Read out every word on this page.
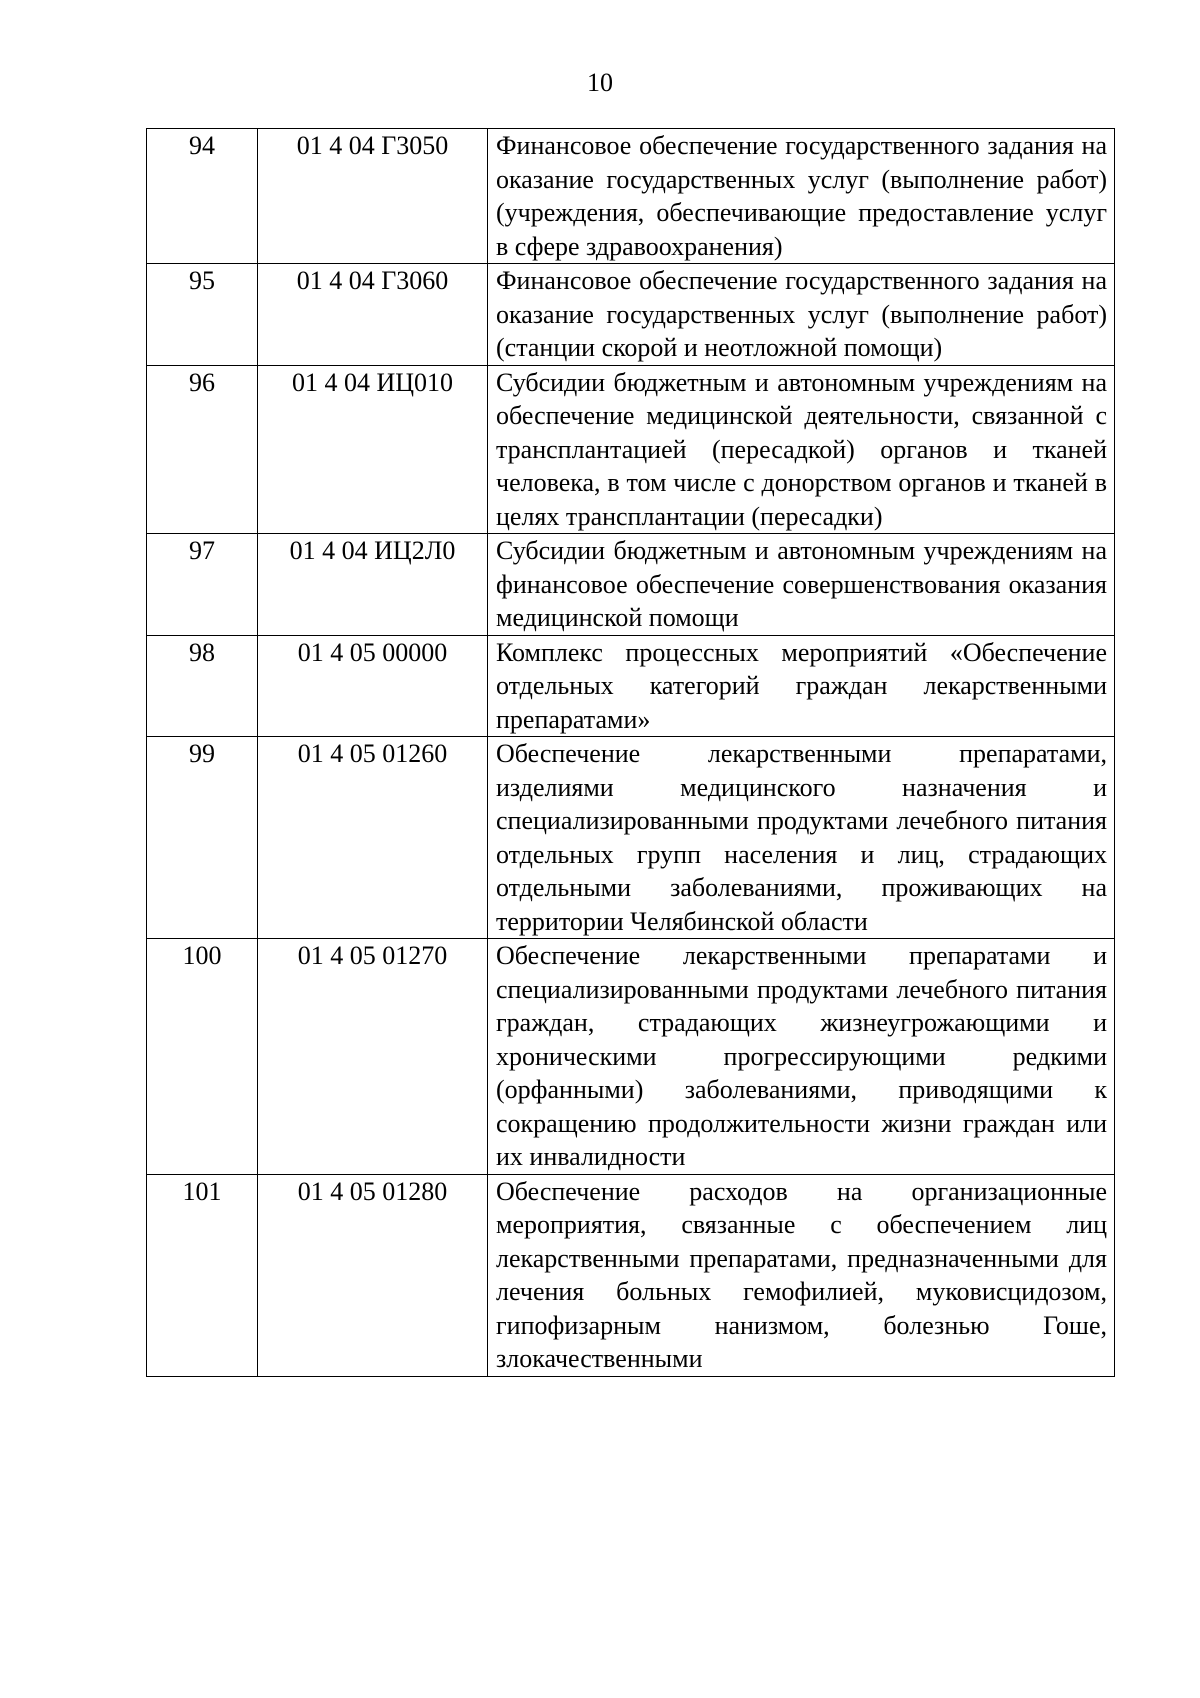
10
94	01 4 04 Г3050	Финансовое обеспечение государственного задания на оказание государственных услуг (выполнение работ) (учреждения, обеспечивающие предоставление услуг в сфере здравоохранения)
95	01 4 04 Г3060	Финансовое обеспечение государственного задания на оказание государственных услуг (выполнение работ) (станции скорой и неотложной помощи)
96	01 4 04 ИЦ010	Субсидии бюджетным и автономным учреждениям на обеспечение медицинской деятельности, связанной с трансплантацией (пересадкой) органов и тканей человека, в том числе с донорством органов и тканей в целях трансплантации (пересадки)
97	01 4 04 ИЦ2Л0	Субсидии бюджетным и автономным учреждениям на финансовое обеспечение совершенствования оказания медицинской помощи
98	01 4 05 00000	Комплекс процессных мероприятий «Обеспечение отдельных категорий граждан лекарственными препаратами»
99	01 4 05 01260	Обеспечение лекарственными препаратами, изделиями медицинского назначения и специализированными продуктами лечебного питания отдельных групп населения и лиц, страдающих отдельными заболеваниями, проживающих на территории Челябинской области
100	01 4 05 01270	Обеспечение лекарственными препаратами и специализированными продуктами лечебного питания граждан, страдающих жизнеугрожающими и хроническими прогрессирующими редкими (орфанными) заболеваниями, приводящими к сокращению продолжительности жизни граждан или их инвалидности
101	01 4 05 01280	Обеспечение расходов на организационные мероприятия, связанные с обеспечением лиц лекарственными препаратами, предназначенными для лечения больных гемофилией, муковисцидозом, гипофизарным нанизмом, болезнью Гоше, злокачественными
